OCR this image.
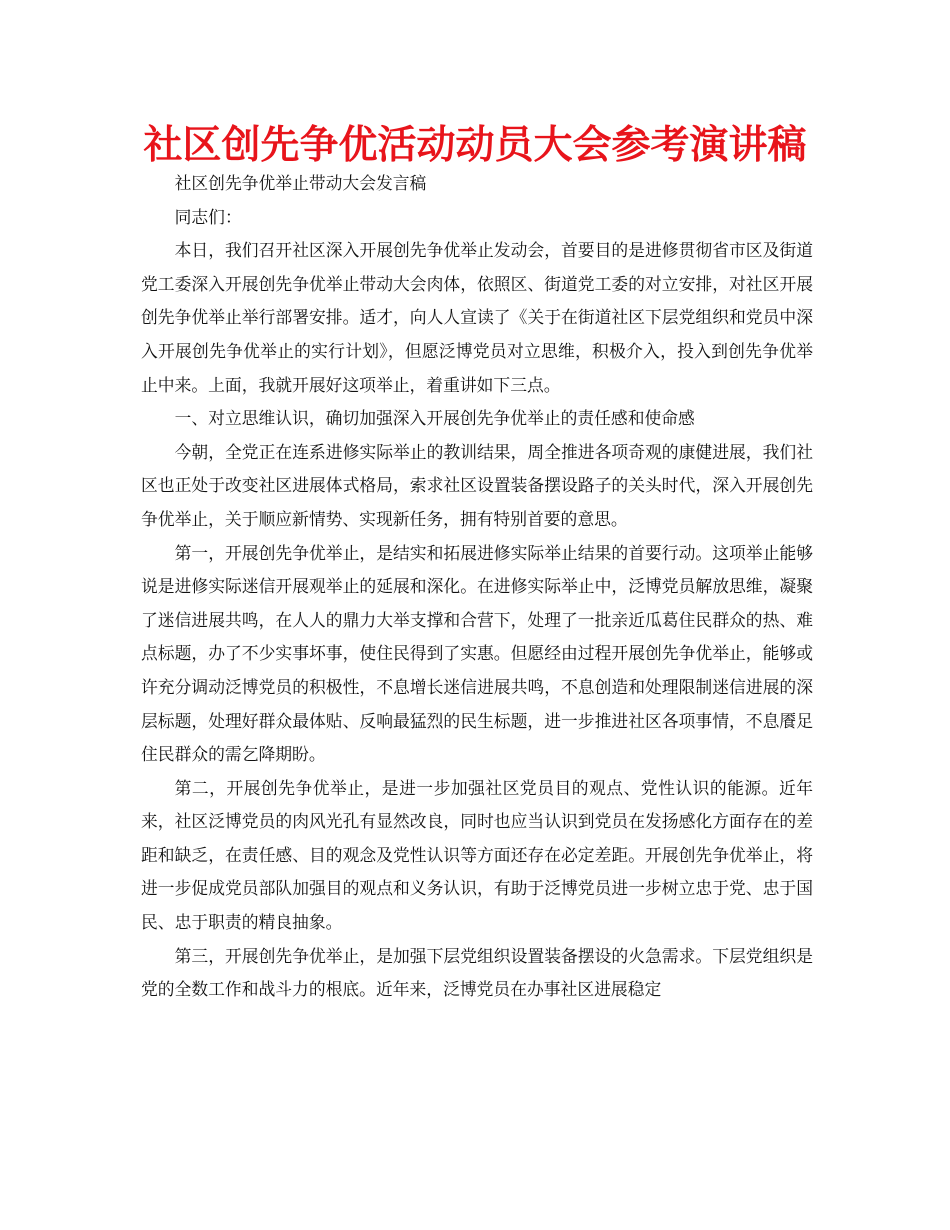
社区创先争优活动动员大会参考演讲稿

社区创先争优举止带动大会发言稿

同志们：

本日，我们召开社区深入开展创先争优举止发动会，首要目的是进修贯彻省市区及街道党工委深入开展创先争优举止带动大会肉体，依照区、街道党工委的对立安排，对社区开展创先争优举止举行部署安排。适才，向人人宣读了《关于在街道社区下层党组织和党员中深入开展创先争优举止的实行计划》，但愿泛博党员对立思维，积极介入，投入到创先争优举止中来。上面，我就开展好这项举止，着重讲如下三点。

一、对立思维认识，确切加强深入开展创先争优举止的责任感和使命感

今朝，全党正在连系进修实际举止的教训结果，周全推进各项奇观的康健进展，我们社区也正处于改变社区进展体式格局，索求社区设置装备摆设路子的关头时代，深入开展创先争优举止，关于顺应新情势、实现新任务，拥有特别首要的意思。

第一，开展创先争优举止，是结实和拓展进修实际举止结果的首要行动。这项举止能够说是进修实际迷信开展观举止的延展和深化。在进修实际举止中，泛博党员解放思维，凝聚了迷信进展共鸣，在人人的鼎力大举支撑和合营下，处理了一批亲近瓜葛住民群众的热、难点标题，办了不少实事坏事，使住民得到了实惠。但愿经由过程开展创先争优举止，能够或许充分调动泛博党员的积极性，不息增长迷信进展共鸣，不息创造和处理限制迷信进展的深层标题，处理好群众最体贴、反响最猛烈的民生标题，进一步推进社区各项事情，不息餍足住民群众的需乞降期盼。

第二，开展创先争优举止，是进一步加强社区党员目的观点、党性认识的能源。近年来，社区泛博党员的肉风光孔有显然改良，同时也应当认识到党员在发扬感化方面存在的差距和缺乏，在责任感、目的观念及党性认识等方面还存在必定差距。开展创先争优举止，将进一步促成党员部队加强目的观点和义务认识，有助于泛博党员进一步树立忠于党、忠于国民、忠于职责的精良抽象。

第三，开展创先争优举止，是加强下层党组织设置装备摆设的火急需求。下层党组织是党的全数工作和战斗力的根底。近年来，泛博党员在办事社区进展稳定
